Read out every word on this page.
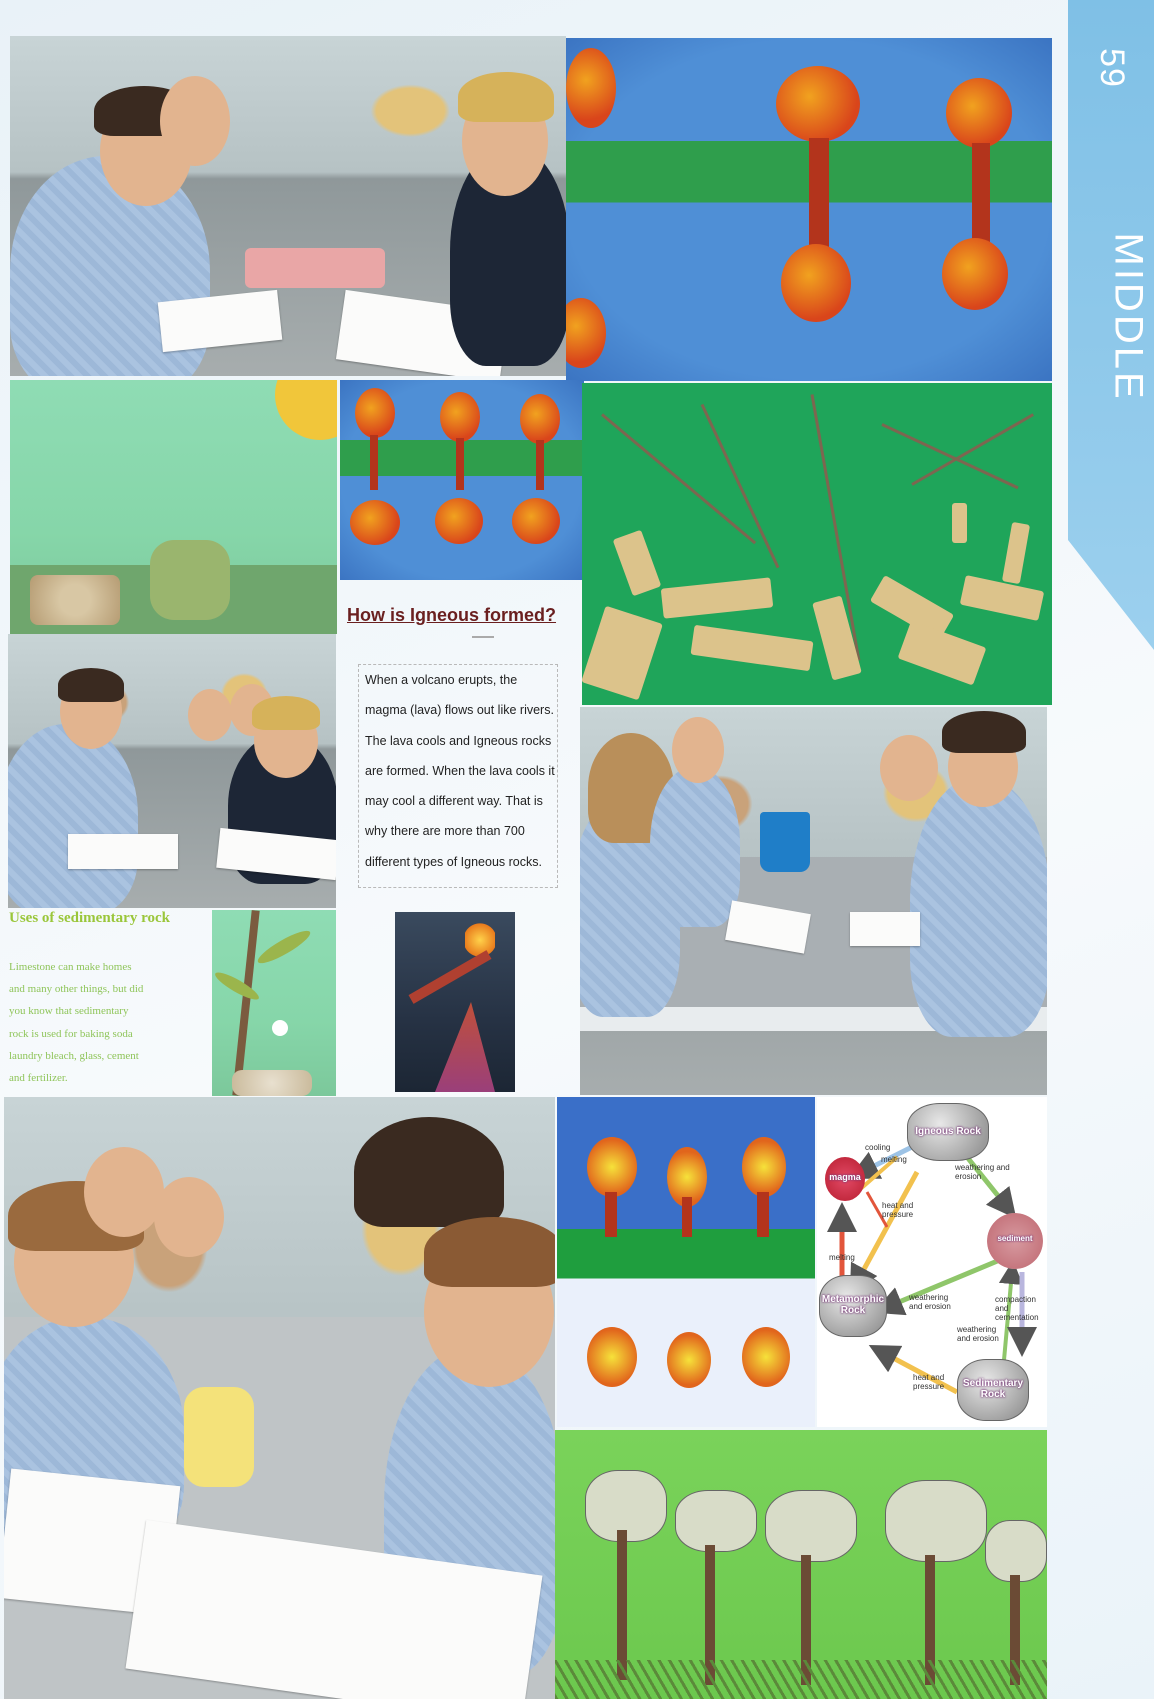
59
MIDDLE
How is Igneous formed?

When a volcano erupts, the

magma (lava) flows out like rivers.

The lava cools and Igneous rocks

are formed. When the lava cools it

may cool a different way. That is

why there are more than 700

different types of Igneous rocks.

Uses of sedimentary rock
Limestone can make homes
and many other things, but did
you know that sedimentary
rock is used for baking soda
laundry bleach, glass, cement
and fertilizer.
Igneous Rock
magma
sediment
Metamorphic Rock
Sedimentary Rock
cooling
melting
weathering and erosion
heat and pressure
melting
weathering and erosion
compaction and cementation
weathering and erosion
heat and pressure
